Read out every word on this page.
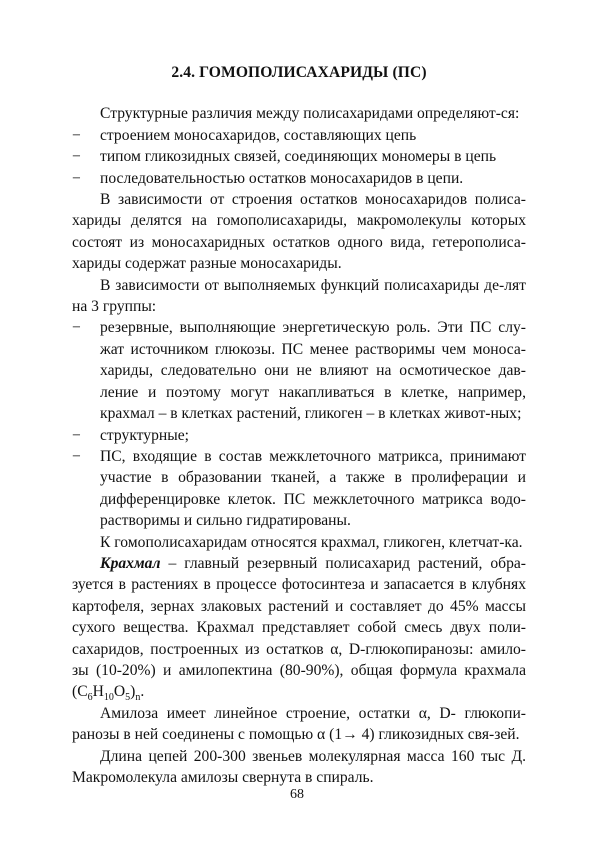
2.4. ГОМОПОЛИСАХАРИДЫ (ПС)

Структурные различия между полисахаридами определяют-ся:

− строением моносахаридов, составляющих цепь
− типом гликозидных связей, соединяющих мономеры в цепь
− последовательностью остатков моносахаридов в цепи.

В зависимости от строения остатков моносахаридов полиса-хариды делятся на гомополисахариды, макромолекулы которых состоят из моносахаридных остатков одного вида, гетерополиса-хариды содержат разные моносахариды.

В зависимости от выполняемых функций полисахариды де-лят на 3 группы:

− резервные, выполняющие энергетическую роль. Эти ПС слу-жат источником глюкозы. ПС менее растворимы чем моноса-хариды, следовательно они не влияют на осмотическое дав-ление и поэтому могут накапливаться в клетке, например, крахмал – в клетках растений, гликоген – в клетках живот-ных;
− структурные;
− ПС, входящие в состав межклеточного матрикса, принимают участие в образовании тканей, а также в пролиферации и дифференцировке клеток. ПС межклеточного матрикса водо-растворимы и сильно гидратированы.

К гомополисахаридам относятся крахмал, гликоген, клетчат-ка.

Крахмал – главный резервный полисахарид растений, обра-зуется в растениях в процессе фотосинтеза и запасается в клубнях картофеля, зернах злаковых растений и составляет до 45% массы сухого вещества. Крахмал представляет собой смесь двух поли-сахаридов, построенных из остатков α, D-глюкопиранозы: амило-зы (10-20%) и амилопектина (80-90%), общая формула крахмала $(C_6H_{10}O_5)_n$.

Амилоза имеет линейное строение, остатки α, D- глюкопи-ранозы в ней соединены с помощью α (1→ 4) гликозидных свя-зей.

Длина цепей 200-300 звеньев молекулярная масса 160 тыс Д. Макромолекула амилозы свернута в спираль.

68
